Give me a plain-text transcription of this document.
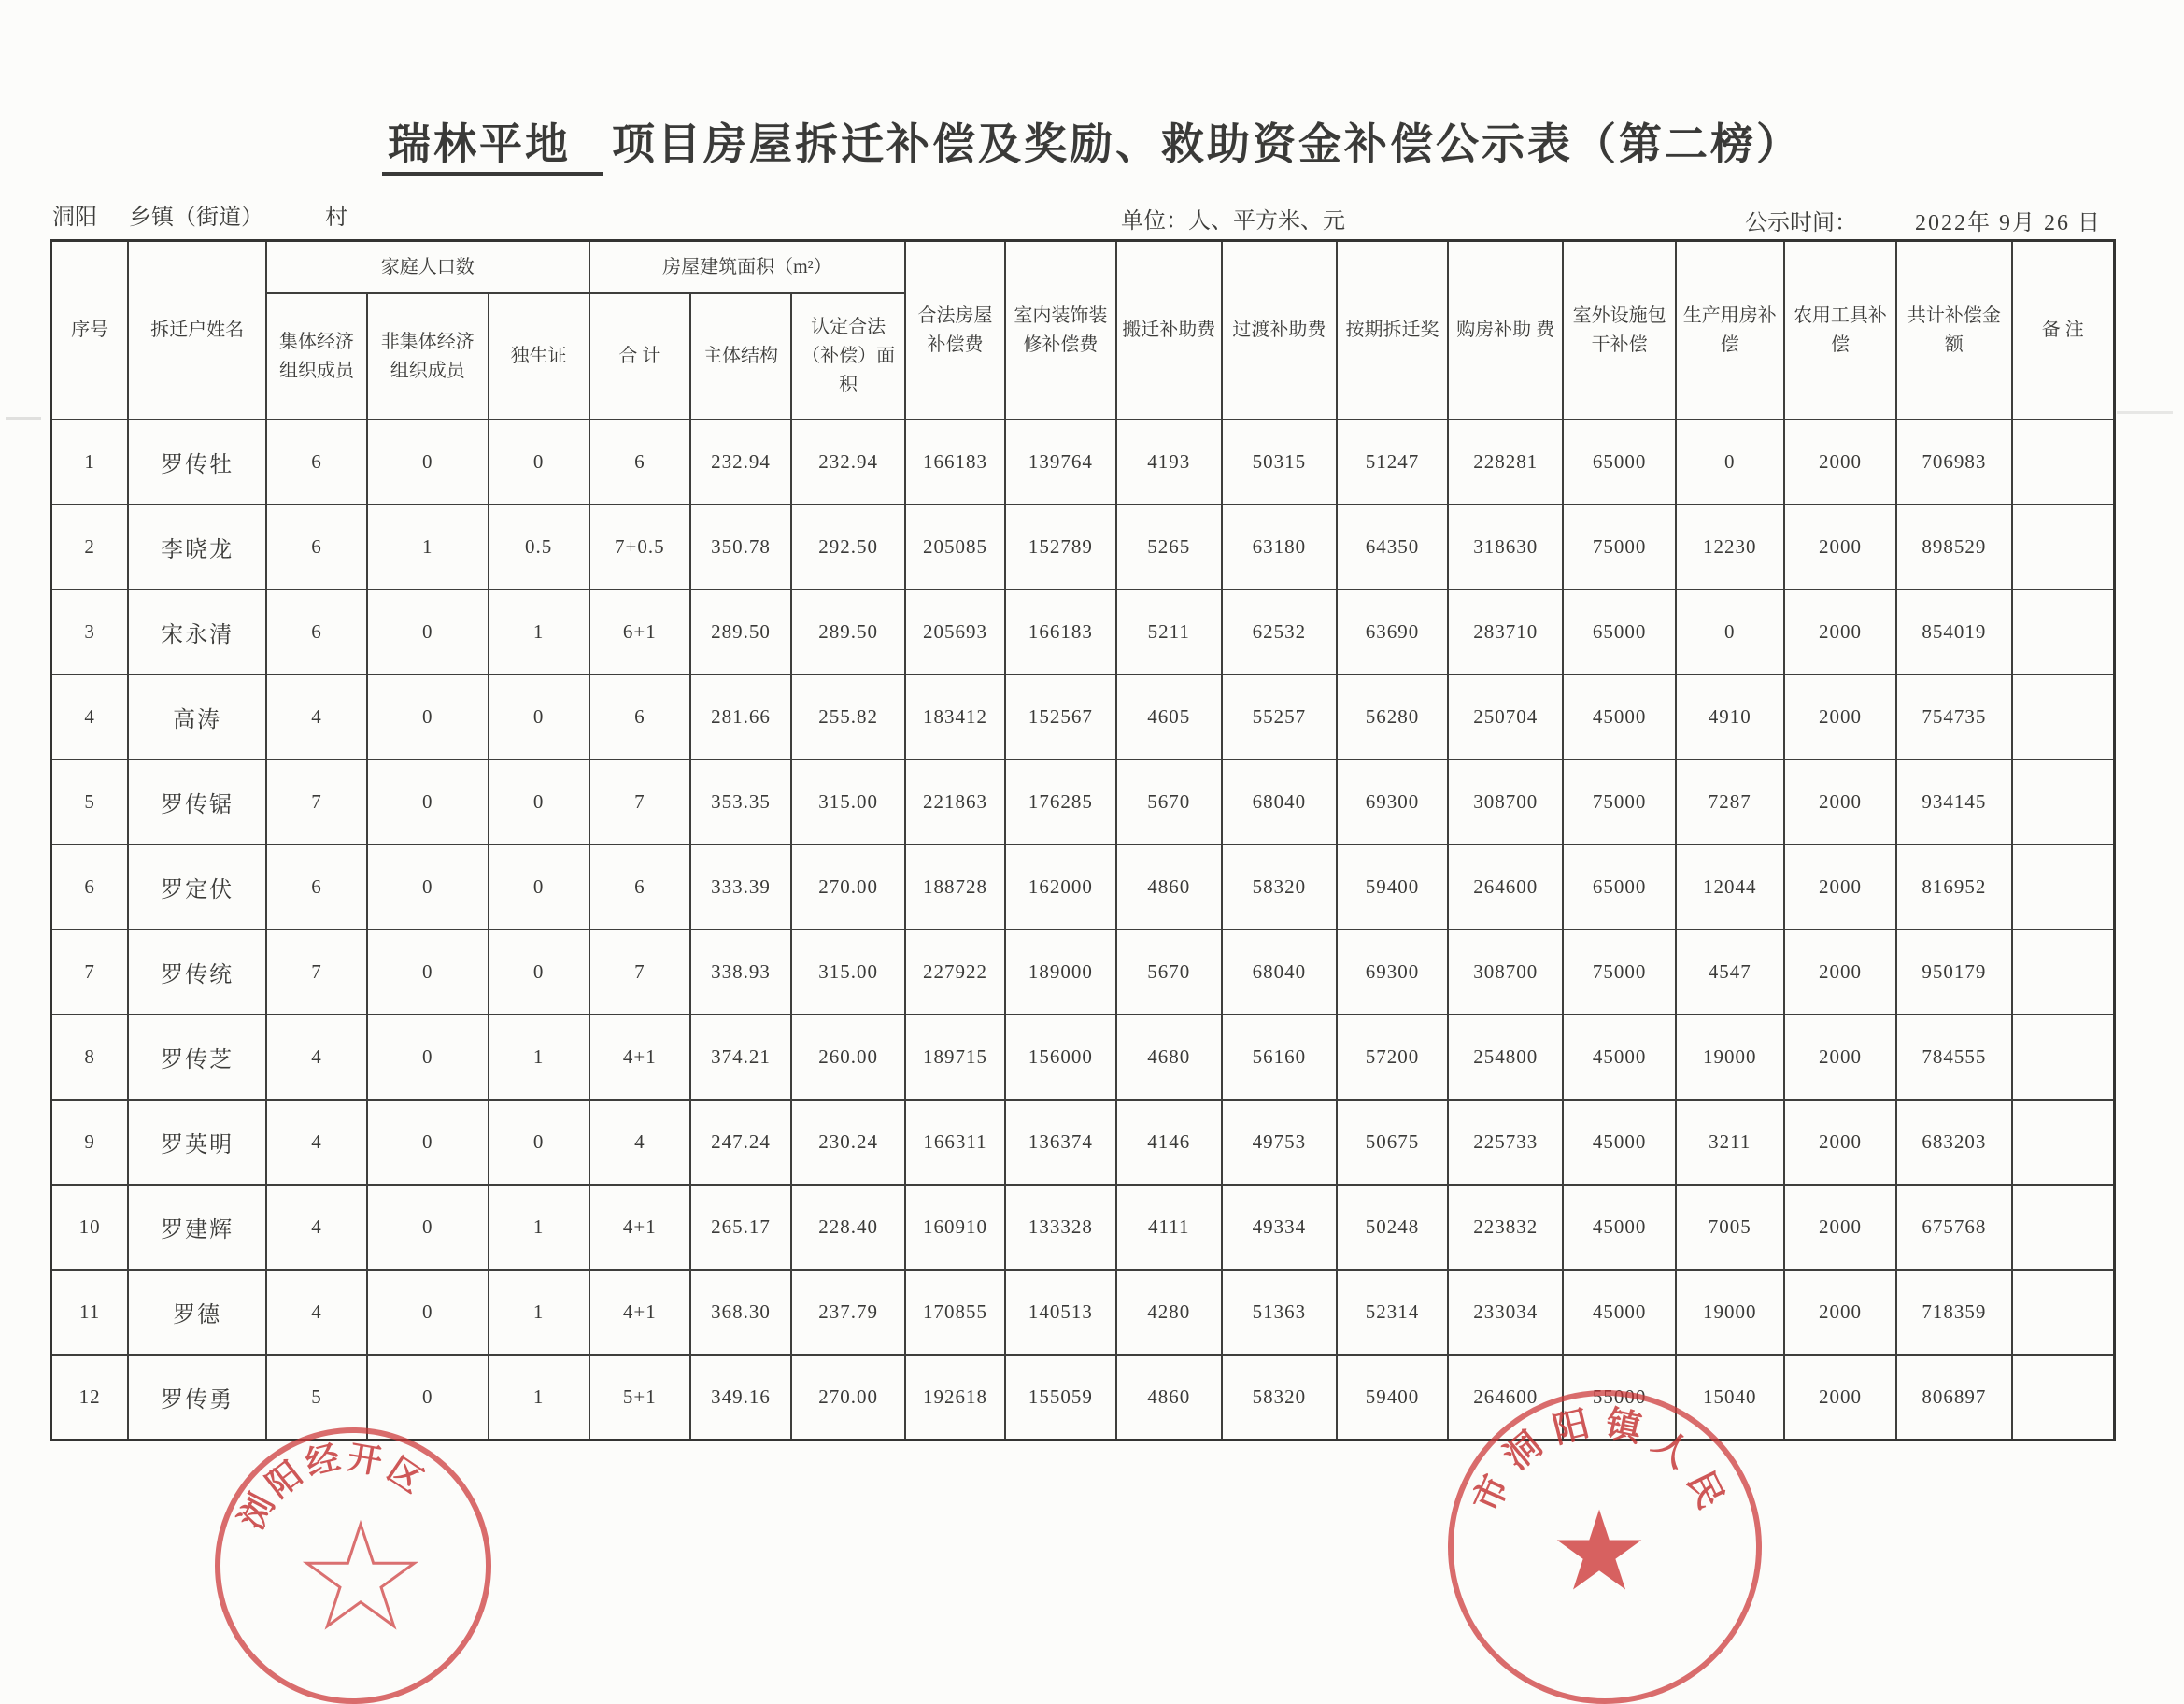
瑞林平地 项目房屋拆迁补偿及奖励、救助资金补偿公示表（第二榜）
洞阳 乡镇（街道）	村	单位：人、平方米、元	公示时间：	2022年 9月 26 日
序号	拆迁户姓名	家庭人口数			房屋建筑面积（m²）			合法房屋补偿费	室内装饰装修补偿费	搬迁补助费	过渡补助费	按期拆迁奖	购房补助 费	室外设施包干补偿	生产用房补偿	农用工具补偿	共计补偿金额	备 注
		集体经济组织成员	非集体经济组织成员	独生证	合 计	主体结构	认定合法（补偿）面积											
1	罗传牡	6	0	0	6	232.94	232.94	166183	139764	4193	50315	51247	228281	65000	0	2000	706983	
2	李晓龙	6	1	0.5	7+0.5	350.78	292.50	205085	152789	5265	63180	64350	318630	75000	12230	2000	898529	
3	宋永清	6	0	1	6+1	289.50	289.50	205693	166183	5211	62532	63690	283710	65000	0	2000	854019	
4	高涛	4	0	0	6	281.66	255.82	183412	152567	4605	55257	56280	250704	45000	4910	2000	754735	
5	罗传锯	7	0	0	7	353.35	315.00	221863	176285	5670	68040	69300	308700	75000	7287	2000	934145	
6	罗定伏	6	0	0	6	333.39	270.00	188728	162000	4860	58320	59400	264600	65000	12044	2000	816952	
7	罗传统	7	0	0	7	338.93	315.00	227922	189000	5670	68040	69300	308700	75000	4547	2000	950179	
8	罗传芝	4	0	1	4+1	374.21	260.00	189715	156000	4680	56160	57200	254800	45000	19000	2000	784555	
9	罗英明	4	0	0	4	247.24	230.24	166311	136374	4146	49753	50675	225733	45000	3211	2000	683203	
10	罗建辉	4	0	1	4+1	265.17	228.40	160910	133328	4111	49334	50248	223832	45000	7005	2000	675768	
11	罗德	4	0	1	4+1	368.30	237.79	170855	140513	4280	51363	52314	233034	45000	19000	2000	718359	
12	罗传勇	5	0	1	5+1	349.16	270.00	192618	155059	4860	58320	59400	264600	55000	15040	2000	806897	
★
浏
阳
经 开
区
★
市
洞
阳 镇 人
民
